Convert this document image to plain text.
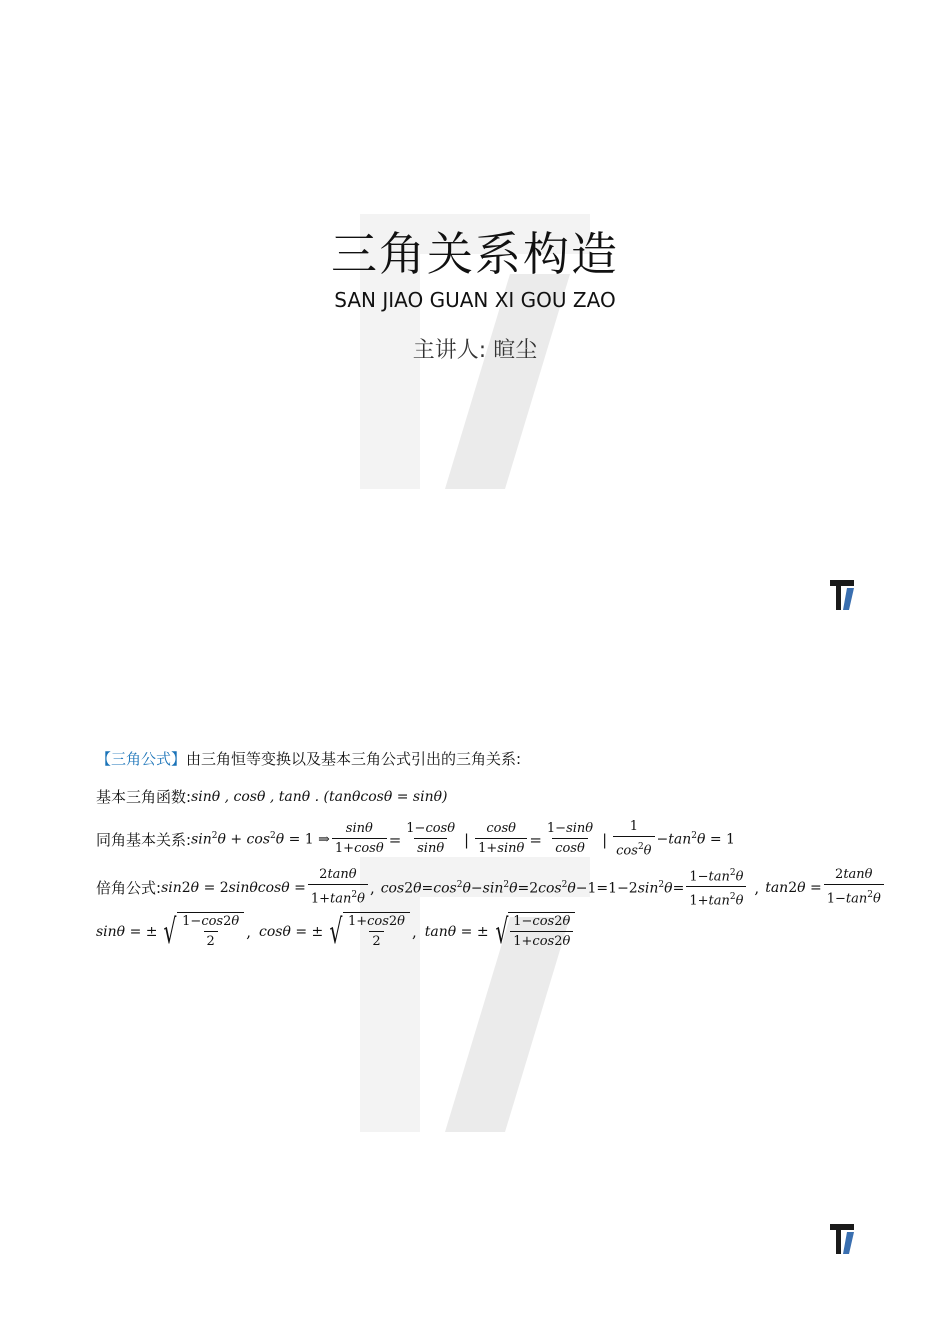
三角关系构造
SAN JIAO GUAN XI GOU ZAO
主讲人: 暄尘
【三角公式】 由三角恒等变换以及基本三角公式引出的三角关系:
基本三角函数: sinθ , cosθ , tanθ . (tanθcosθ = sinθ)
同角基本关系: $\sin^2\theta + \cos^2\theta = 1$ ⇒ $\frac{\sin\theta}{1+\cos\theta} = \frac{1-\cos\theta}{\sin\theta}$ | $\frac{\cos\theta}{1+\sin\theta} = \frac{1-\sin\theta}{\cos\theta}$ | $\frac{1}{\cos^2\theta} -\tan^2\theta = 1$
倍角公式: $\sin 2\theta = 2\sin\theta\cos\theta = \frac{2\tan\theta}{1+\tan^2\theta}$ , $\cos 2\theta=\cos^2\theta-\sin^2\theta=2\cos^2\theta-1=1-2\sin^2\theta= \frac{1-\tan^2\theta}{1+\tan^2\theta}$ , $\tan 2\theta = \frac{2\tan\theta}{1-\tan^2\theta}$
sinθ = ± √ $\frac{1-\cos 2\theta}{2}$ , cosθ = ± √ $\frac{1+\cos 2\theta}{2}$ , tanθ = ± √ $\frac{1-\cos 2\theta}{1+\cos 2\theta}$
